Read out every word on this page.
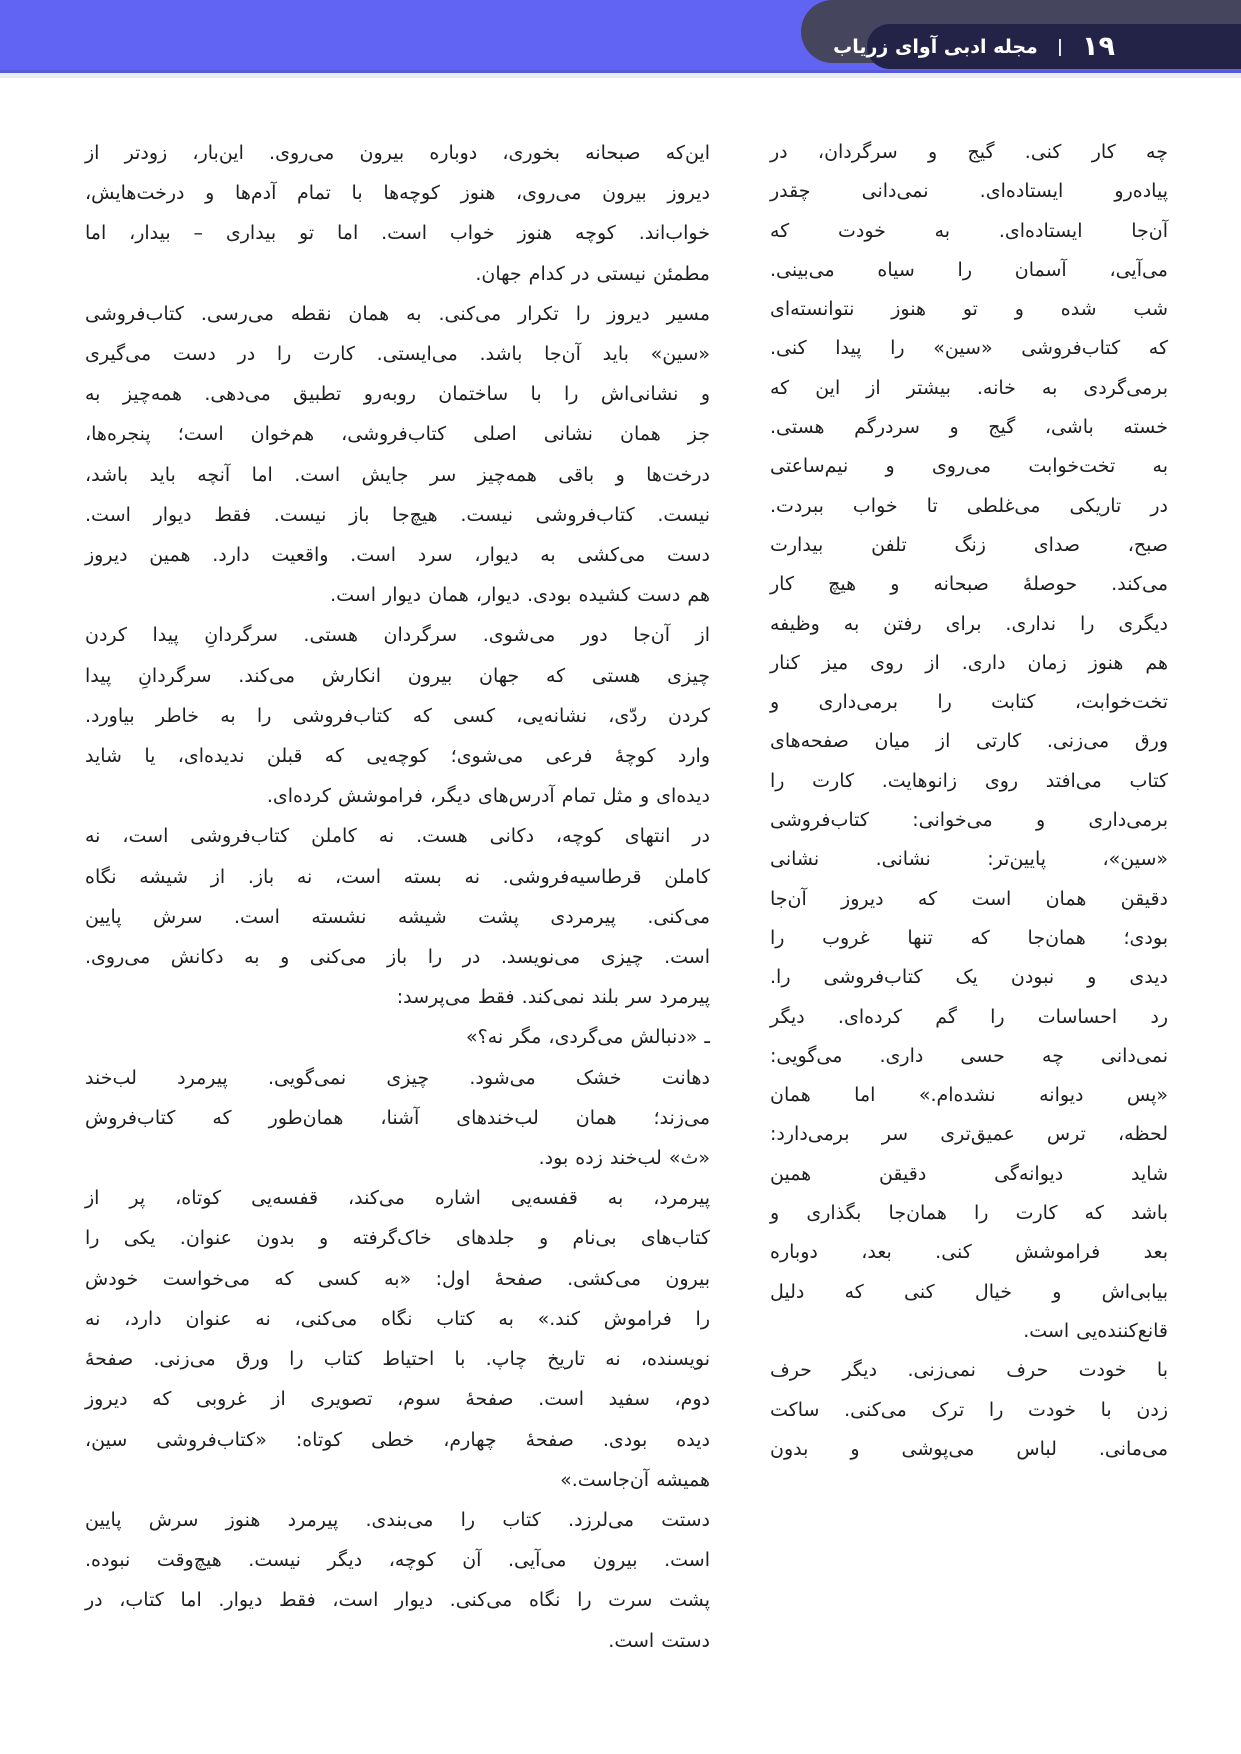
۱۹
|
مجله ادبی آوای زریاب
چه کار کنی. گیج و سرگردان، در
پیاده‌رو ایستاده‌ای. نمی‌دانی چقدر
آن‌جا ایستاده‌ای. به خودت که
می‌آیی، آسمان را سیاه می‌بینی.
شب شده و تو هنوز نتوانسته‌ای
که کتاب‌فروشی «سین» را پیدا کنی.
برمی‌گردی به خانه. بیشتر از این که
خسته باشی، گیج و سردرگم هستی.
به تخت‌خوابت می‌روی و نیم‌ساعتی
در تاریکی می‌غلطی تا خواب ببردت.
صبح، صدای زنگ تلفن بیدارت
می‌کند. حوصلهٔ صبحانه و هیچ کار
دیگری را نداری. برای رفتن به وظیفه
هم هنوز زمان داری. از روی میز کنار
تخت‌خوابت، کتابت را برمی‌داری و
ورق می‌زنی. کارتی از میان صفحه‌های
کتاب می‌افتد روی زانوهایت. کارت را
برمی‌داری و می‌خوانی: کتاب‌فروشی
«سین»، پایین‌تر: نشانی. نشانی
دقیقن همان است که دیروز آن‌جا
بودی؛ همان‌جا که تنها غروب را
دیدی و نبودن یک کتاب‌فروشی را.
رد احساسات را گم کرده‌ای. دیگر
نمی‌دانی چه حسی داری. می‌گویی:
«پس دیوانه نشده‌ام.» اما همان
لحظه، ترس عمیق‌تری سر برمی‌دارد:
شاید دیوانه‌گی دقیقن همین
باشد که کارت را همان‌جا بگذاری و
بعد فراموشش کنی. بعد، دوباره
بیابی‌اش و خیال کنی که دلیل
قانع‌کننده‌یی است.
با خودت حرف نمی‌زنی. دیگر حرف
زدن با خودت را ترک می‌کنی. ساکت
می‌مانی. لباس می‌پوشی و بدون
این‌که صبحانه بخوری، دوباره بیرون می‌روی. این‌بار، زودتر از
دیروز بیرون می‌روی، هنوز کوچه‌ها با تمام آدم‌ها و درخت‌هایش،
خواب‌اند. کوچه هنوز خواب است. اما تو بیداری – بیدار، اما
مطمئن نیستی در کدام جهان.
مسیر دیروز را تکرار می‌کنی. به همان نقطه می‌رسی. کتاب‌فروشی
«سین» باید آن‌جا باشد. می‌ایستی. کارت را در دست می‌گیری
و نشانی‌اش را با ساختمان روبه‌رو تطبیق می‌دهی. همه‌چیز به
جز همان نشانی اصلی کتاب‌فروشی، هم‌خوان است؛ پنجره‌ها،
درخت‌ها و باقی همه‌چیز سر جایش است. اما آنچه باید باشد،
نیست. کتاب‌فروشی نیست. هیچ‌جا باز نیست. فقط دیوار است.
دست می‌کشی به دیوار، سرد است. واقعیت دارد. همین دیروز
هم دست کشیده بودی. دیوار، همان دیوار است.
از آن‌جا دور می‌شوی. سرگردان هستی. سرگردانِ پیدا کردن
چیزی هستی که جهان بیرون انکارش می‌کند. سرگردانِ پیدا
کردن ردّی، نشانه‌یی، کسی که کتاب‌فروشی را به خاطر بیاورد.
وارد کوچهٔ فرعی می‌شوی؛ کوچه‌یی که قبلن ندیده‌ای، یا شاید
دیده‌ای و مثل تمام آدرس‌های دیگر، فراموشش کرده‌ای.
در انتهای کوچه، دکانی هست. نه کاملن کتاب‌فروشی است، نه
کاملن قرطاسیه‌فروشی. نه بسته است، نه باز. از شیشه نگاه
می‌کنی. پیرمردی پشت شیشه نشسته است. سرش پایین
است. چیزی می‌نویسد. در را باز می‌کنی و به دکانش می‌روی.
پیرمرد سر بلند نمی‌کند. فقط می‌پرسد:
ـ «دنبالش می‌گردی، مگر نه؟»
دهانت خشک می‌شود. چیزی نمی‌گویی. پیرمرد لب‌خند
می‌زند؛ همان لب‌خندهای آشنا، همان‌طور که کتاب‌فروش
«ث» لب‌خند زده بود.
پیرمرد، به قفسه‌یی اشاره می‌کند، قفسه‌یی کوتاه، پر از
کتاب‌های بی‌نام و جلدهای خاک‌گرفته و بدون عنوان. یکی را
بیرون می‌کشی. صفحهٔ اول: «به کسی که می‌خواست خودش
را فراموش کند.» به کتاب نگاه می‌کنی، نه عنوان دارد، نه
نویسنده، نه تاریخ چاپ. با احتیاط کتاب را ورق می‌زنی. صفحهٔ
دوم، سفید است. صفحهٔ سوم، تصویری از غروبی که دیروز
دیده بودی. صفحهٔ چهارم، خطی کوتاه: «کتاب‌فروشی سین،
همیشه آن‌جاست.»
دستت می‌لرزد. کتاب را می‌بندی. پیرمرد هنوز سرش پایین
است. بیرون می‌آیی. آن کوچه، دیگر نیست. هیچ‌وقت نبوده.
پشت سرت را نگاه می‌کنی. دیوار است، فقط دیوار. اما کتاب، در
دستت است.
